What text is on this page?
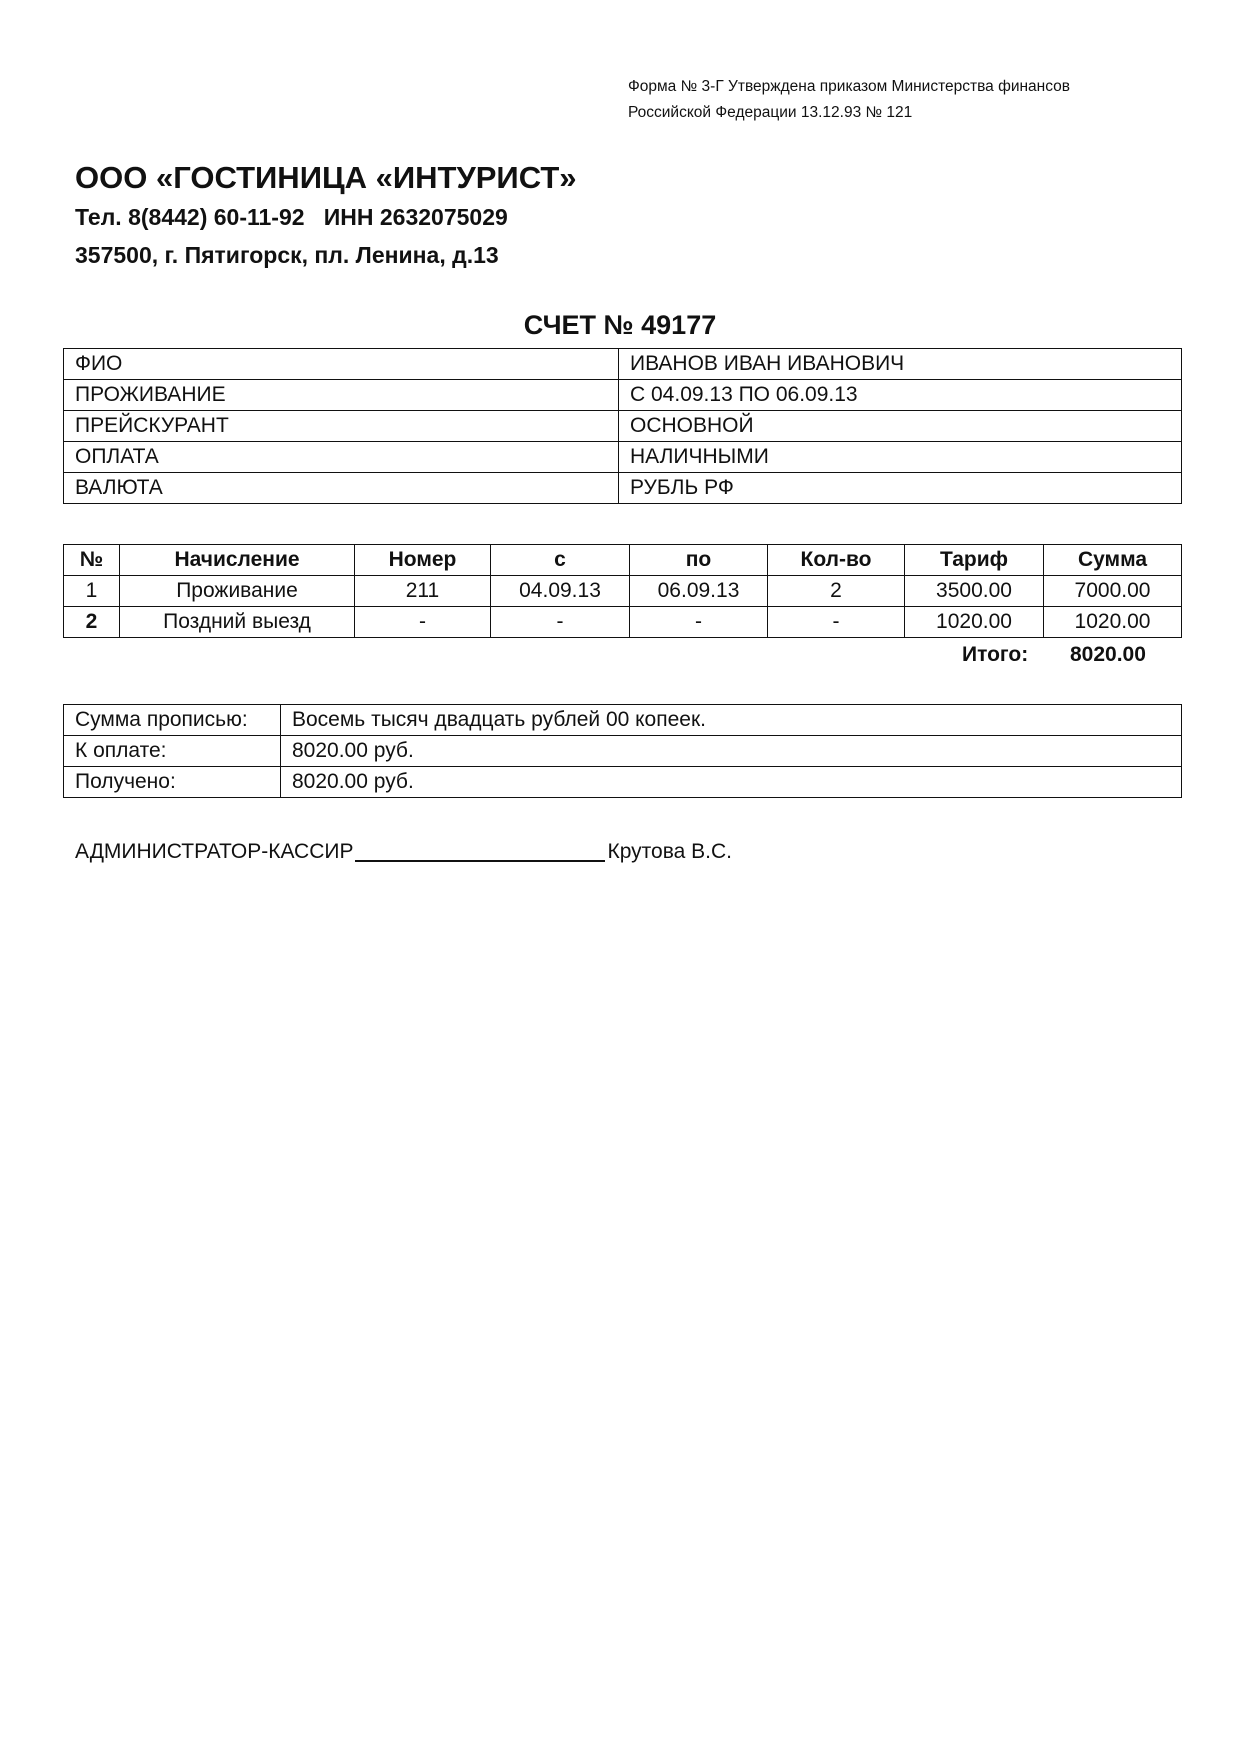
Форма № 3-Г Утверждена приказом Министерства финансов
Российской Федерации 13.12.93 № 121
ООО «ГОСТИНИЦА «ИНТУРИСТ»
Тел. 8(8442) 60-11-92   ИНН 2632075029
357500, г. Пятигорск, пл. Ленина, д.13
СЧЕТ № 49177
ФИО	ИВАНОВ ИВАН ИВАНОВИЧ
ПРОЖИВАНИЕ	С 04.09.13 ПО 06.09.13
ПРЕЙСКУРАНТ	ОСНОВНОЙ
ОПЛАТА	НАЛИЧНЫМИ
ВАЛЮТА	РУБЛЬ РФ
№	Начисление	Номер	с	по	Кол-во	Тариф	Сумма
1	Проживание	211	04.09.13	06.09.13	2	3500.00	7000.00
2	Поздний выезд	-	-	-	-	1020.00	1020.00
Итого: 8020.00
Сумма прописью:	Восемь тысяч двадцать рублей 00 копеек.
К оплате:	8020.00 руб.
Получено:	8020.00 руб.
АДМИНИСТРАТОР-КАССИР	Крутова В.С.
